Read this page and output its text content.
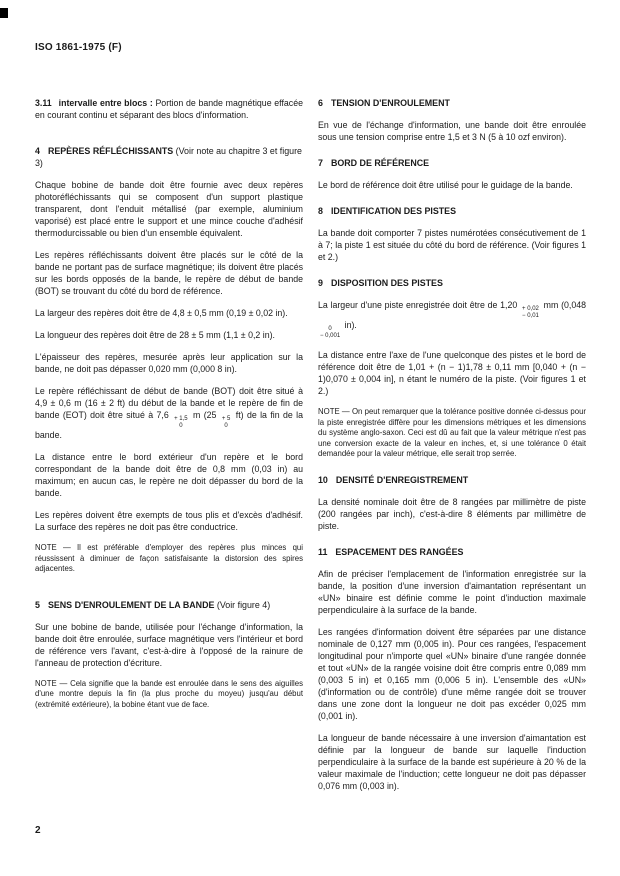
ISO 1861-1975 (F)

3.11 intervalle entre blocs : Portion de bande magnétique effacée en courant continu et séparant des blocs d'information.

4 REPÈRES RÉFLÉCHISSANTS (Voir note au chapitre 3 et figure 3)

Chaque bobine de bande doit être fournie avec deux repères photoréfléchissants qui se composent d'un support plastique transparent, dont l'enduit métallisé (par exemple, aluminium vaporisé) est placé entre le support et une mince couche d'adhésif thermodurcissable ou bien d'un ensemble équivalent.

Les repères réfléchissants doivent être placés sur le côté de la bande ne portant pas de surface magnétique; ils doivent être placés sur les bords opposés de la bande, le repère de début de bande (BOT) se trouvant du côté du bord de référence.

La largeur des repères doit être de 4,8 ± 0,5 mm (0,19 ± 0,02 in).

La longueur des repères doit être de 28 ± 5 mm (1,1 ± 0,2 in).

L'épaisseur des repères, mesurée après leur application sur la bande, ne doit pas dépasser 0,020 mm (0,000 8 in).

Le repère réfléchissant de début de bande (BOT) doit être situé à 4,9 ± 0,6 m (16 ± 2 ft) du début de la bande et le repère de fin de bande (EOT) doit être situé à 7,6 + 1,5
0
m (25 + 5
0
ft) de la fin de la bande.

La distance entre le bord extérieur d'un repère et le bord correspondant de la bande doit être de 0,8 mm (0,03 in) au maximum; en aucun cas, le repère ne doit dépasser du bord de la bande.

Les repères doivent être exempts de tous plis et d'excès d'adhésif. La surface des repères ne doit pas être conductrice.

NOTE — Il est préférable d'employer des repères plus minces qui réussissent à diminuer de façon satisfaisante la distorsion des spires adjacentes.

5 SENS D'ENROULEMENT DE LA BANDE (Voir figure 4)

Sur une bobine de bande, utilisée pour l'échange d'information, la bande doit être enroulée, surface magnétique vers l'intérieur et bord de référence vers l'avant, c'est-à-dire à l'opposé de la rainure de l'anneau de protection d'écriture.

NOTE — Cela signifie que la bande est enroulée dans le sens des aiguilles d'une montre depuis la fin (la plus proche du moyeu) jusqu'au début (extrémité extérieure), la bobine étant vue de face.

6 TENSION D'ENROULEMENT

En vue de l'échange d'information, une bande doit être enroulée sous une tension comprise entre 1,5 et 3 N (5 à 10 ozf environ).

7 BORD DE RÉFÉRENCE

Le bord de référence doit être utilisé pour le guidage de la bande.

8 IDENTIFICATION DES PISTES

La bande doit comporter 7 pistes numérotées consécutivement de 1 à 7; la piste 1 est située du côté du bord de référence. (Voir figures 1 et 2.)

9 DISPOSITION DES PISTES

La largeur d'une piste enregistrée doit être de 1,20 + 0,02
− 0,01
mm (0,048
0
− 0,001
in).

La distance entre l'axe de l'une quelconque des pistes et le bord de référence doit être de 1,01 + (n − 1)1,78 ± 0,11 mm [0,040 + (n − 1)0,070 ± 0,004 in], n étant le numéro de la piste. (Voir figures 1 et 2.)

NOTE — On peut remarquer que la tolérance positive donnée ci-dessus pour la piste enregistrée diffère pour les dimensions métriques et les dimensions du système anglo-saxon. Ceci est dû au fait que la valeur métrique n'est pas une conversion exacte de la valeur en inches, et, si une tolérance 0 était demandée pour la valeur métrique, elle serait trop serrée.

10 DENSITÉ D'ENREGISTREMENT

La densité nominale doit être de 8 rangées par millimètre de piste (200 rangées par inch), c'est-à-dire 8 éléments par millimètre de piste.

11 ESPACEMENT DES RANGÉES

Afin de préciser l'emplacement de l'information enregistrée sur la bande, la position d'une inversion d'aimantation représentant un «UN» binaire est définie comme le point d'induction maximale perpendiculaire à la surface de la bande.

Les rangées d'information doivent être séparées par une distance nominale de 0,127 mm (0,005 in). Pour ces rangées, l'espacement longitudinal pour n'importe quel «UN» binaire d'une rangée donnée et tout «UN» de la rangée voisine doit être compris entre 0,089 mm (0,003 5 in) et 0,165 mm (0,006 5 in). L'ensemble des «UN» (d'information ou de contrôle) d'une même rangée doit se trouver dans une zone dont la longueur ne doit pas excéder 0,025 mm (0,001 in).

La longueur de bande nécessaire à une inversion d'aimantation est définie par la longueur de bande sur laquelle l'induction perpendiculaire à la surface de la bande est supérieure à 20 % de la valeur maximale de l'induction; cette longueur ne doit pas dépasser 0,076 mm (0,003 in).

2
